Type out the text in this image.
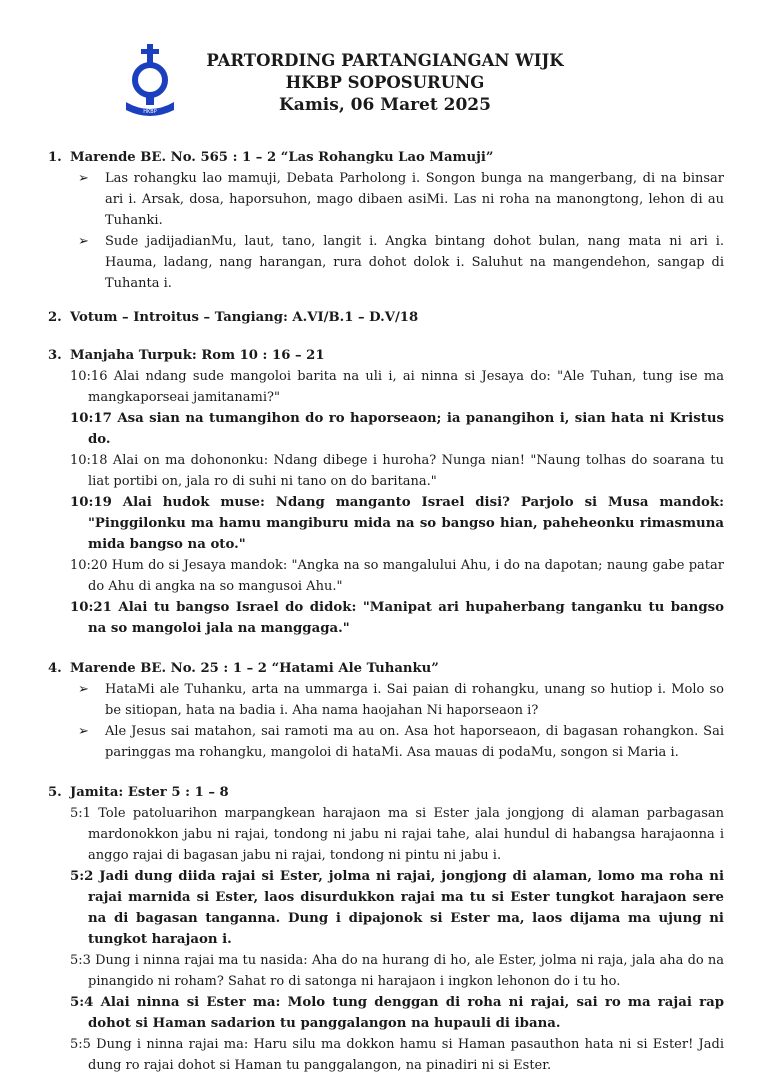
HKBP
PARTORDING PARTANGIANGAN WIJK
HKBP SOPOSURUNG
Kamis, 06 Maret 2025
1. Marende BE. No. 565 : 1 – 2 “Las Rohangku Lao Mamuji”
➢ Las rohangku lao mamuji, Debata Parholong i. Songon bunga na mangerbang, di na binsar ari i. Arsak, dosa, haporsuhon, mago dibaen asiMi. Las ni roha na manongtong, lehon di au Tuhanki.
➢ Sude jadijadianMu, laut, tano, langit i. Angka bintang dohot bulan, nang mata ni ari i. Hauma, ladang, nang harangan, rura dohot dolok i. Saluhut na mangendehon, sangap di Tuhanta i.
2. Votum – Introitus – Tangiang: A.VI/B.1 – D.V/18
3. Manjaha Turpuk: Rom 10 : 16 – 21
10:16 Alai ndang sude mangoloi barita na uli i, ai ninna si Jesaya do: "Ale Tuhan, tung ise ma mangkaporseai jamitanami?"
10:17 Asa sian na tumangihon do ro haporseaon; ia panangihon i, sian hata ni Kristus do.
10:18 Alai on ma dohononku: Ndang dibege i huroha? Nunga nian! "Naung tolhas do soarana tu liat portibi on, jala ro di suhi ni tano on do baritana."
10:19 Alai hudok muse: Ndang manganto Israel disi? Parjolo si Musa mandok: "Pinggilonku ma hamu mangiburu mida na so bangso hian, paheheonku rimasmuna mida bangso na oto."
10:20 Hum do si Jesaya mandok: "Angka na so mangalului Ahu, i do na dapotan; naung gabe patar do Ahu di angka na so mangusoi Ahu."
10:21 Alai tu bangso Israel do didok: "Manipat ari hupaherbang tanganku tu bangso na so mangoloi jala na manggaga."
4. Marende BE. No. 25 : 1 – 2 “Hatami Ale Tuhanku”
➢ HataMi ale Tuhanku, arta na ummarga i. Sai paian di rohangku, unang so hutiop i. Molo so be sitiopan, hata na badia i. Aha nama haojahan Ni haporseaon i?
➢ Ale Jesus sai matahon, sai ramoti ma au on. Asa hot haporseaon, di bagasan rohangkon. Sai paringgas ma rohangku, mangoloi di hataMi. Asa mauas di podaMu, songon si Maria i.
5. Jamita: Ester 5 : 1 – 8
5:1 Tole patoluarihon marpangkean harajaon ma si Ester jala jongjong di alaman parbagasan mardonokkon jabu ni rajai, tondong ni jabu ni rajai tahe, alai hundul di habangsa harajaonna i anggo rajai di bagasan jabu ni rajai, tondong ni pintu ni jabu i.
5:2 Jadi dung diida rajai si Ester, jolma ni rajai, jongjong di alaman, lomo ma roha ni rajai marnida si Ester, laos disurdukkon rajai ma tu si Ester tungkot harajaon sere na di bagasan tanganna. Dung i dipajonok si Ester ma, laos dijama ma ujung ni tungkot harajaon i.
5:3 Dung i ninna rajai ma tu nasida: Aha do na hurang di ho, ale Ester, jolma ni raja, jala aha do na pinangido ni roham? Sahat ro di satonga ni harajaon i ingkon lehonon do i tu ho.
5:4 Alai ninna si Ester ma: Molo tung denggan di roha ni rajai, sai ro ma rajai rap dohot si Haman sadarion tu panggalangon na hupauli di ibana.
5:5 Dung i ninna rajai ma: Haru silu ma dokkon hamu si Haman pasauthon hata ni si Ester! Jadi dung ro rajai dohot si Haman tu panggalangon, na pinadiri ni si Ester.
